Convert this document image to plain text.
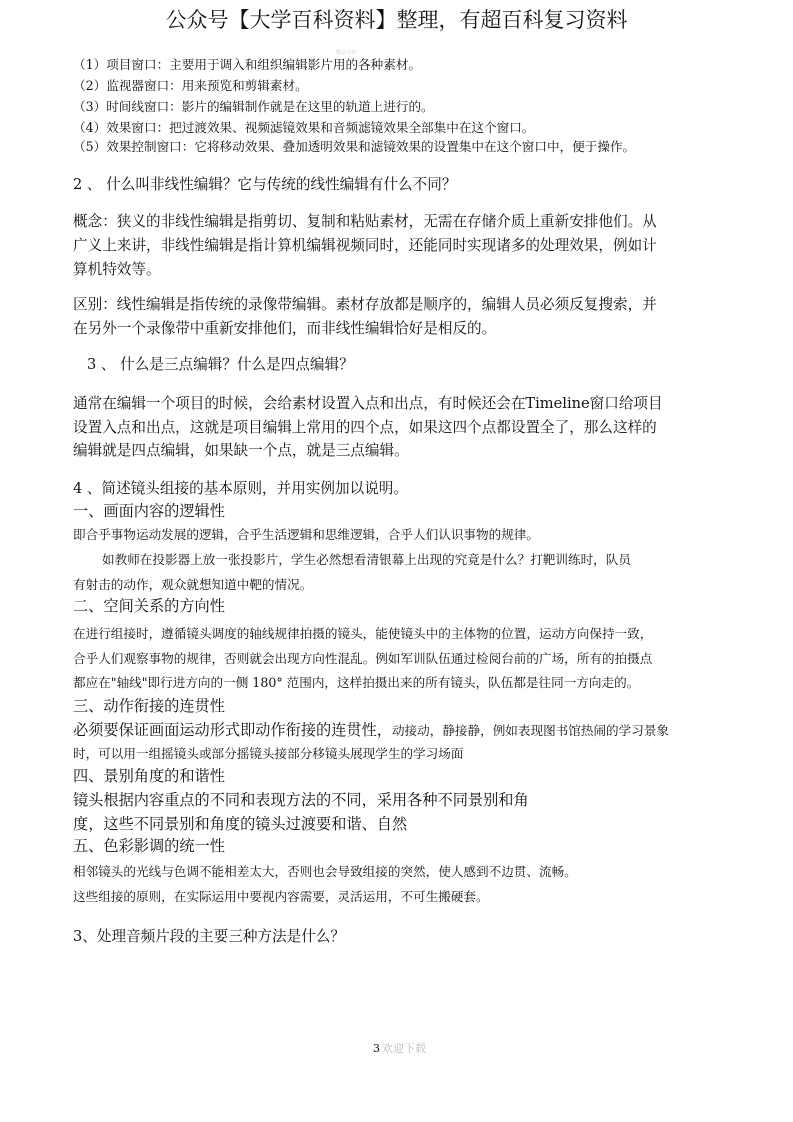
公众号【大学百科资料】整理，有超百科复习资料
精品文档
（1）项目窗口：主要用于调入和组织编辑影片用的各种素材。
（2）监视器窗口：用来预览和剪辑素材。
（3）时间线窗口：影片的编辑制作就是在这里的轨道上进行的。
（4）效果窗口：把过渡效果、视频滤镜效果和音频滤镜效果全部集中在这个窗口。
（5）效果控制窗口：它将移动效果、叠加透明效果和滤镜效果的设置集中在这个窗口中，便于操作。
2 、 什么叫非线性编辑？它与传统的线性编辑有什么不同？
概念：狭义的非线性编辑是指剪切、复制和粘贴素材，无需在存储介质上重新安排他们。从
广义上来讲，非线性编辑是指计算机编辑视频同时，还能同时实现诸多的处理效果，例如计
算机特效等。
区别：线性编辑是指传统的录像带编辑。素材存放都是顺序的，编辑人员必须反复搜索，并
在另外一个录像带中重新安排他们，而非线性编辑恰好是相反的。
3 、 什么是三点编辑？什么是四点编辑？
通常在编辑一个项目的时候，会给素材设置入点和出点，有时候还会在Timeline窗口给项目
设置入点和出点，这就是项目编辑上常用的四个点，如果这四个点都设置全了，那么这样的
编辑就是四点编辑，如果缺一个点，就是三点编辑。
4 、简述镜头组接的基本原则，并用实例加以说明。
一、画面内容的逻辑性
即合乎事物运动发展的逻辑，合乎生活逻辑和思维逻辑，合乎人们认识事物的规律。
如教师在投影器上放一张投影片，学生必然想看清银幕上出现的究竟是什么？打靶训练时，队员
有射击的动作，观众就想知道中靶的情况。
二、空间关系的方向性
在进行组接时，遵循镜头调度的轴线规律拍摄的镜头，能使镜头中的主体物的位置，运动方向保持一致，
合乎人们观察事物的规律，否则就会出现方向性混乱。例如军训队伍通过检阅台前的广场，所有的拍摄点
都应在"轴线"即行进方向的一侧 180° 范围内，这样拍摄出来的所有镜头，队伍都是往同一方向走的。
三、动作衔接的连贯性
必须要保证画面运动形式即动作衔接的连贯性，动接动，静接静，例如表现图书馆热闹的学习景象
时，可以用一组摇镜头或部分摇镜头接部分移镜头展现学生的学习场面
四、景别角度的和谐性
镜头根据内容重点的不同和表现方法的不同，采用各种不同景别和角
度，这些不同景别和角度的镜头过渡要和谐、自然
五、色彩影调的统一性
相邻镜头的光线与色调不能相差太大，否则也会导致组接的突然，使人感到不边贯、流畅。
这些组接的原则，在实际运用中要视内容需要，灵活运用，不可生搬硬套。
3、处理音频片段的主要三种方法是什么？
3 欢迎下载
